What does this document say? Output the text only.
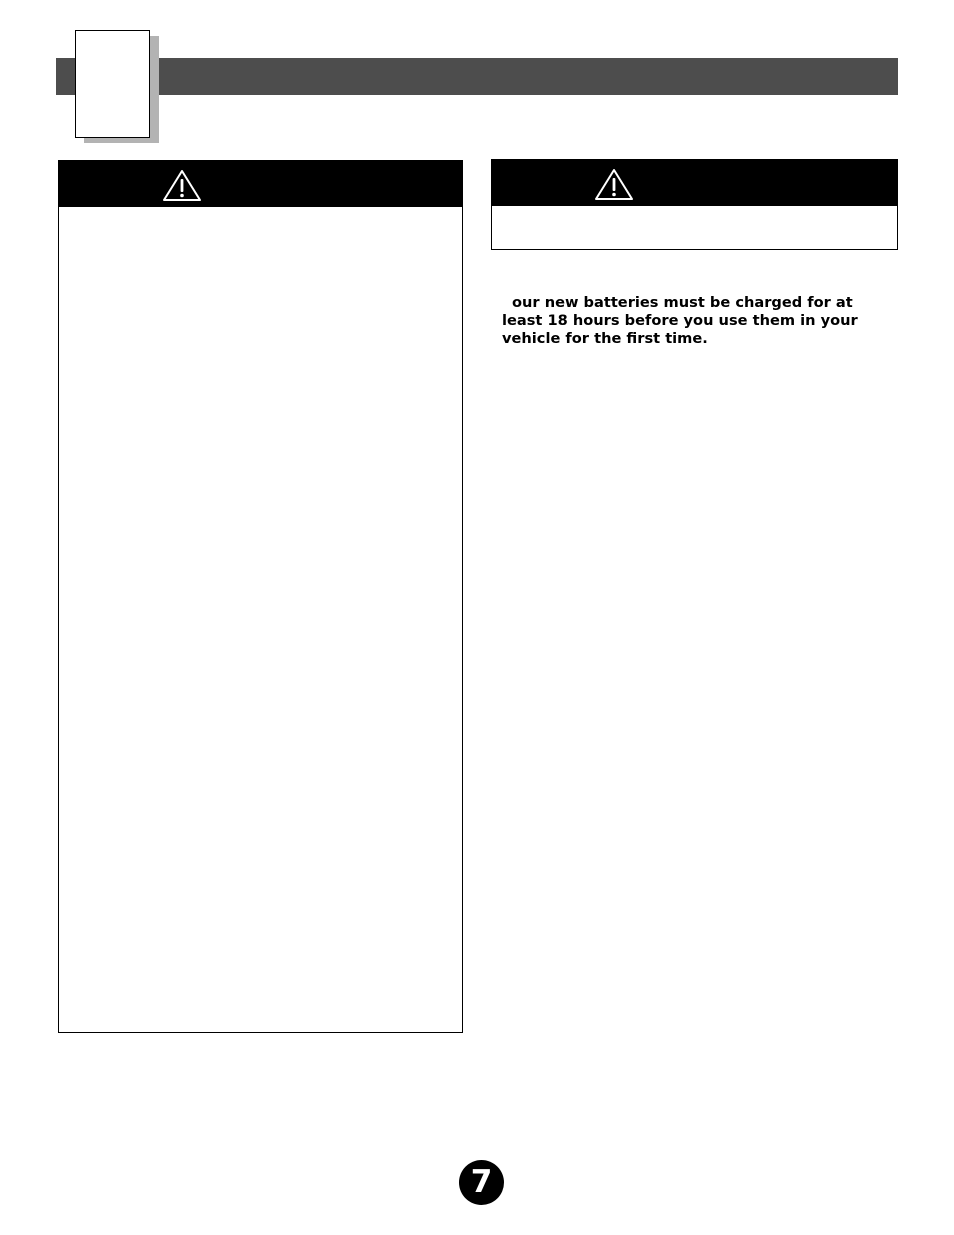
our new batteries must be charged for at least 18 hours before you use them in your vehicle for the first time.
7
